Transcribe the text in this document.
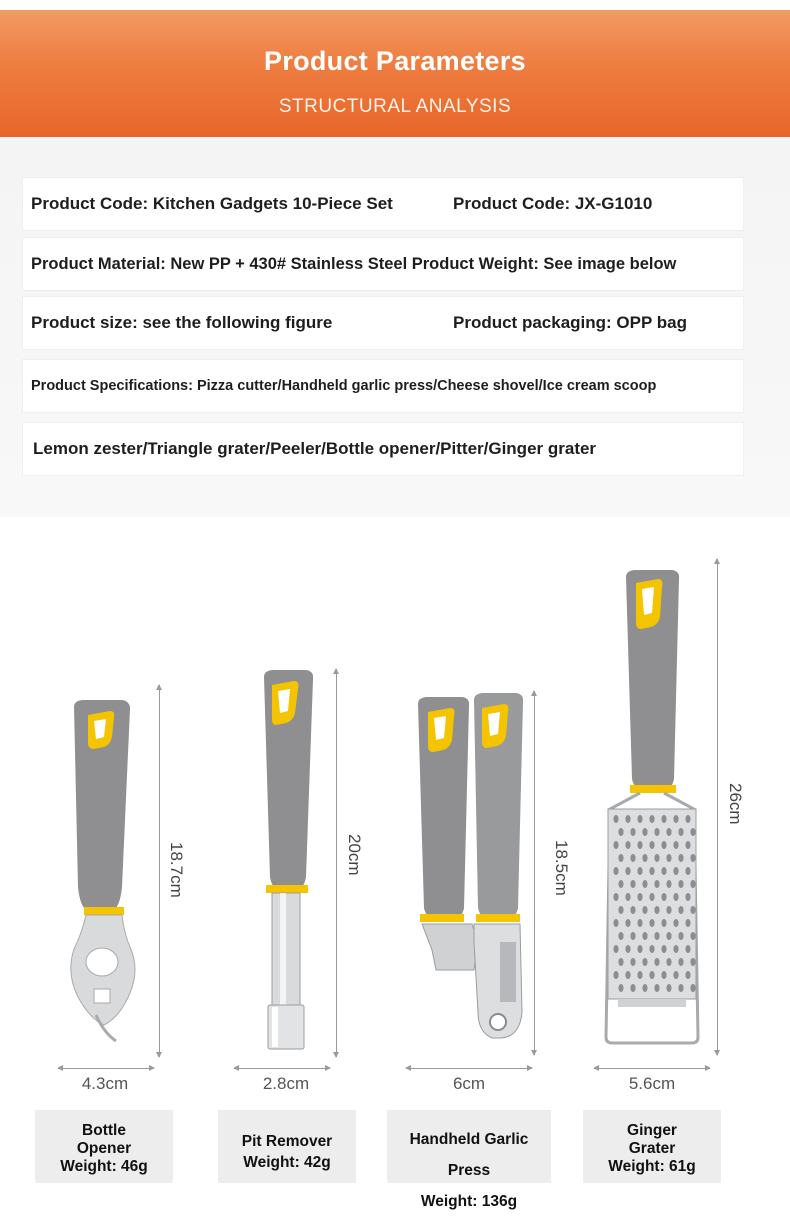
Product Parameters
STRUCTURAL ANALYSIS
Product Code: Kitchen Gadgets 10-Piece Set	Product Code: JX-G1010
Product Material: New PP + 430# Stainless Steel Product Weight: See image below
Product size: see the following figure	Product packaging: OPP bag
Product Specifications: Pizza cutter/Handheld garlic press/Cheese shovel/Ice cream scoop
Lemon zester/Triangle grater/Peeler/Bottle opener/Pitter/Ginger grater
18.7cm
4.3cm
20cm
2.8cm
18.5cm
6cm
26cm
5.6cm
Bottle
Opener
Weight: 46g
Pit Remover
Weight: 42g
Handheld Garlic Press
Weight: 136g
Ginger
Grater
Weight: 61g
